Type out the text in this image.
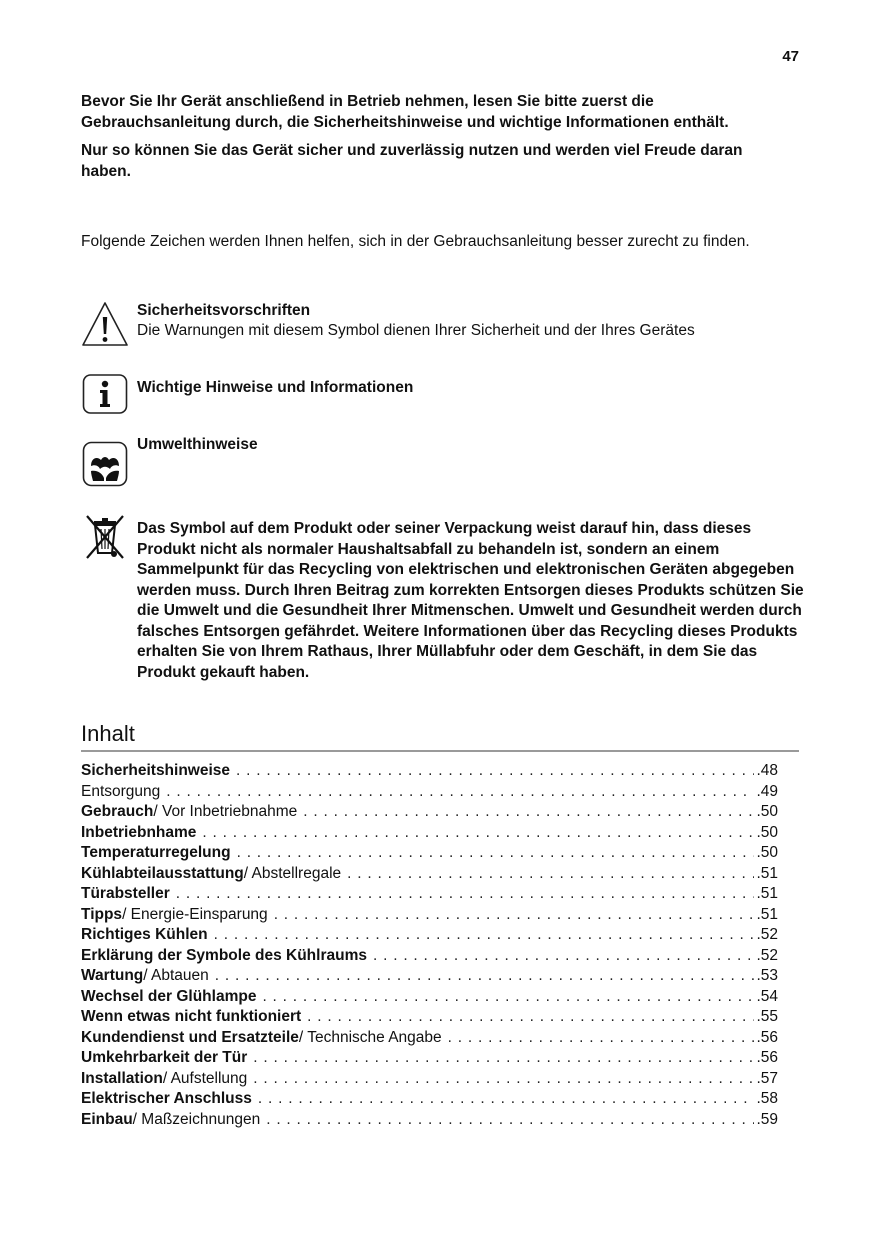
47

Bevor Sie Ihr Gerät anschließend in Betrieb nehmen, lesen Sie bitte zuerst die Gebrauchsanleitung durch, die Sicherheitshinweise und wichtige Informationen enthält.

Nur so können Sie das Gerät sicher und zuverlässig nutzen und werden viel Freude daran haben.

Folgende Zeichen werden Ihnen helfen, sich in der Gebrauchsanleitung besser zurecht zu finden.
Sicherheitsvorschriften
Die Warnungen mit diesem Symbol dienen Ihrer Sicherheit und der Ihres Gerätes
Wichtige Hinweise und Informationen
Umwelthinweise
Das Symbol auf dem Produkt oder seiner Verpackung weist darauf hin, dass dieses Produkt nicht als normaler Haushaltsabfall zu behandeln ist, sondern an einem Sammelpunkt für das Recycling von elektrischen und elektronischen Geräten abgegeben werden muss. Durch Ihren Beitrag zum korrekten Entsorgen dieses Produkts schützen Sie die Umwelt und die Gesundheit Ihrer Mitmenschen. Umwelt und Gesundheit werden durch falsches Entsorgen gefährdet. Weitere Informationen über das Recycling dieses Produkts erhalten Sie von Ihrem Rathaus, Ihrer Müllabfuhr oder dem Geschäft, in dem Sie das Produkt gekauft haben.
Inhalt
Sicherheitshinweise . . .	.48
Entsorgung . . .	.49
Gebrauch / Vor Inbetriebnahme . . .	.50
Inbetriebnhame . . .	.50
Temperaturregelung . . .	.50
Kühlabteilausstattung / Abstellregale . . .	.51
Türabsteller . . .	.51
Tipps / Energie-Einsparung . . .	.51
Richtiges Kühlen . . .	.52
Erklärung der Symbole des Kühlraums . . .	.52
Wartung / Abtauen . . .	.53
Wechsel der Glühlampe . . .	.54
Wenn etwas nicht funktioniert . . .	.55
Kundendienst und Ersatzteile / Technische Angabe . . .	.56
Umkehrbarkeit der Tür . . .	.56
Installation / Aufstellung . . .	.57
Elektrischer Anschluss . . .	.58
Einbau / Maßzeichnungen . . .	.59
